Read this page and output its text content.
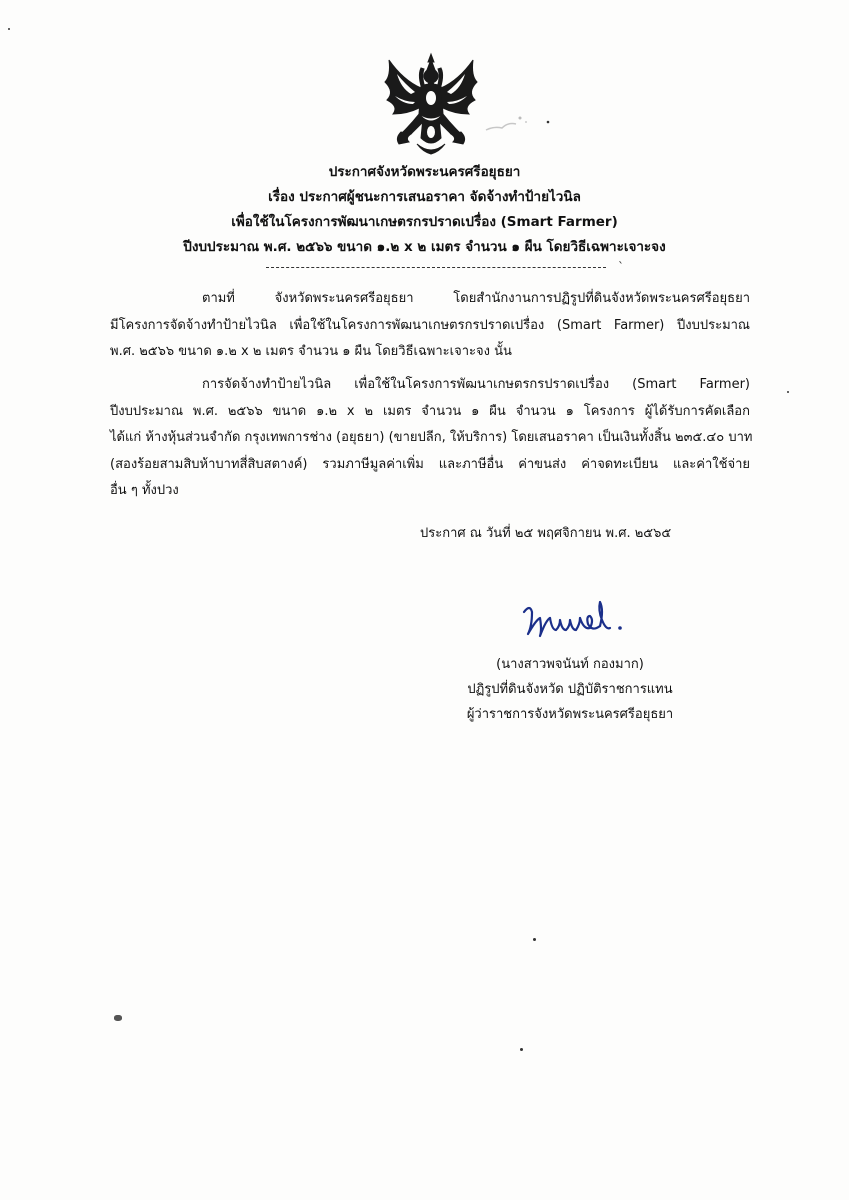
ประกาศจังหวัดพระนครศรีอยุธยา
เรื่อง ประกาศผู้ชนะการเสนอราคา จัดจ้างทำป้ายไวนิล
เพื่อใช้ในโครงการพัฒนาเกษตรกรปราดเปรื่อง (Smart Farmer)
ปีงบประมาณ พ.ศ. ๒๕๖๖ ขนาด ๑.๒ x ๒ เมตร จำนวน ๑ ผืน โดยวิธีเฉพาะเจาะจง
`
ตามที่ จังหวัดพระนครศรีอยุธยา โดยสำนักงานการปฏิรูปที่ดินจังหวัดพระนครศรีอยุธยา
มีโครงการจัดจ้างทำป้ายไวนิล เพื่อใช้ในโครงการพัฒนาเกษตรกรปราดเปรื่อง (Smart Farmer) ปีงบประมาณ
พ.ศ. ๒๕๖๖ ขนาด ๑.๒ x ๒ เมตร จำนวน ๑ ผืน โดยวิธีเฉพาะเจาะจง นั้น
การจัดจ้างทำป้ายไวนิล เพื่อใช้ในโครงการพัฒนาเกษตรกรปราดเปรื่อง (Smart Farmer)
ปีงบประมาณ พ.ศ. ๒๕๖๖ ขนาด ๑.๒ x ๒ เมตร จำนวน ๑ ผืน จำนวน ๑ โครงการ ผู้ได้รับการคัดเลือก
ได้แก่ ห้างหุ้นส่วนจำกัด กรุงเทพการช่าง (อยุธยา) (ขายปลีก, ให้บริการ) โดยเสนอราคา เป็นเงินทั้งสิ้น ๒๓๕.๔๐ บาท
(สองร้อยสามสิบห้าบาทสี่สิบสตางค์) รวมภาษีมูลค่าเพิ่ม และภาษีอื่น ค่าขนส่ง ค่าจดทะเบียน และค่าใช้จ่าย
อื่น ๆ ทั้งปวง
ประกาศ ณ วันที่ ๒๕ พฤศจิกายน พ.ศ. ๒๕๖๕
(นางสาวพจนันท์ กองมาก)
ปฏิรูปที่ดินจังหวัด ปฏิบัติราชการแทน
ผู้ว่าราชการจังหวัดพระนครศรีอยุธยา
